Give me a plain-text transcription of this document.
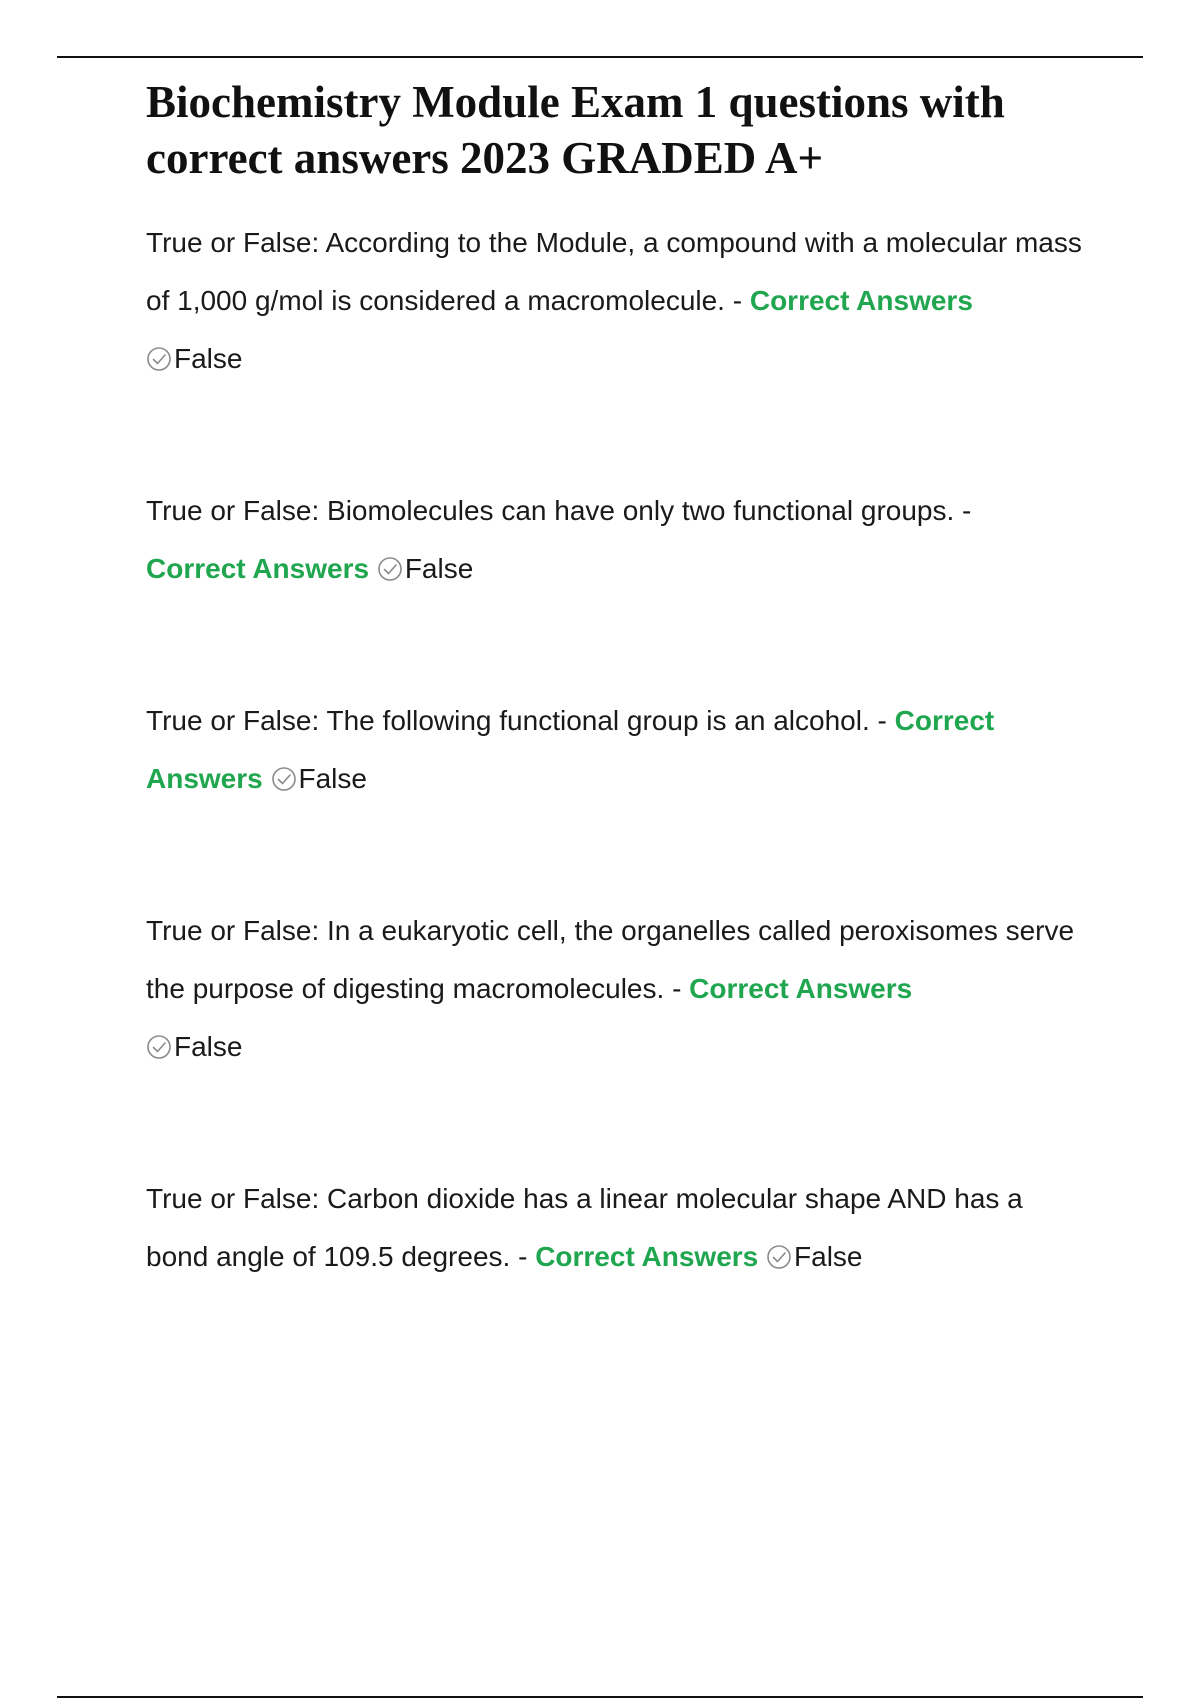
Biochemistry Module Exam 1 questions with correct answers 2023 GRADED A+

True or False: According to the Module, a compound with a molecular mass of 1,000 g/mol is considered a macromolecule. - Correct Answers

False

True or False: Biomolecules can have only two functional groups. -
Correct Answers False

True or False: The following functional group is an alcohol. - Correct Answers False

True or False: In a eukaryotic cell, the organelles called peroxisomes serve the purpose of digesting macromolecules. - Correct Answers

False

True or False: Carbon dioxide has a linear molecular shape AND has a bond angle of 109.5 degrees. - Correct Answers False
